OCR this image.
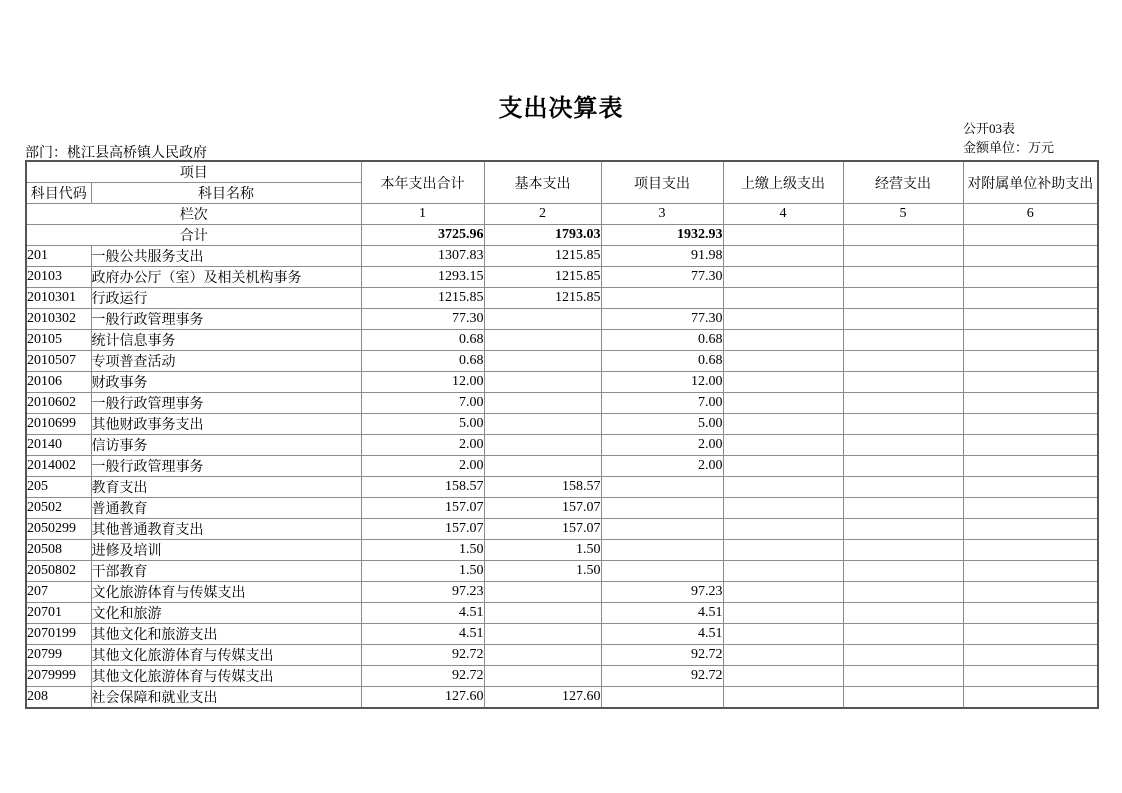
支出决算表
公开03表
金额单位：万元
部门：桃江县高桥镇人民政府
项目		本年支出合计	基本支出	项目支出	上缴上级支出	经营支出	对附属单位补助支出
科目代码	科目名称						
栏次		1	2	3	4	5	6
合计		3725.96	1793.03	1932.93			
201	一般公共服务支出	1307.83	1215.85	91.98			
20103	政府办公厅（室）及相关机构事务	1293.15	1215.85	77.30			
2010301	行政运行	1215.85	1215.85				
2010302	一般行政管理事务	77.30		77.30			
20105	统计信息事务	0.68		0.68			
2010507	专项普查活动	0.68		0.68			
20106	财政事务	12.00		12.00			
2010602	一般行政管理事务	7.00		7.00			
2010699	其他财政事务支出	5.00		5.00			
20140	信访事务	2.00		2.00			
2014002	一般行政管理事务	2.00		2.00			
205	教育支出	158.57	158.57				
20502	普通教育	157.07	157.07				
2050299	其他普通教育支出	157.07	157.07				
20508	进修及培训	1.50	1.50				
2050802	干部教育	1.50	1.50				
207	文化旅游体育与传媒支出	97.23		97.23			
20701	文化和旅游	4.51		4.51			
2070199	其他文化和旅游支出	4.51		4.51			
20799	其他文化旅游体育与传媒支出	92.72		92.72			
2079999	其他文化旅游体育与传媒支出	92.72		92.72			
208	社会保障和就业支出	127.60	127.60				
